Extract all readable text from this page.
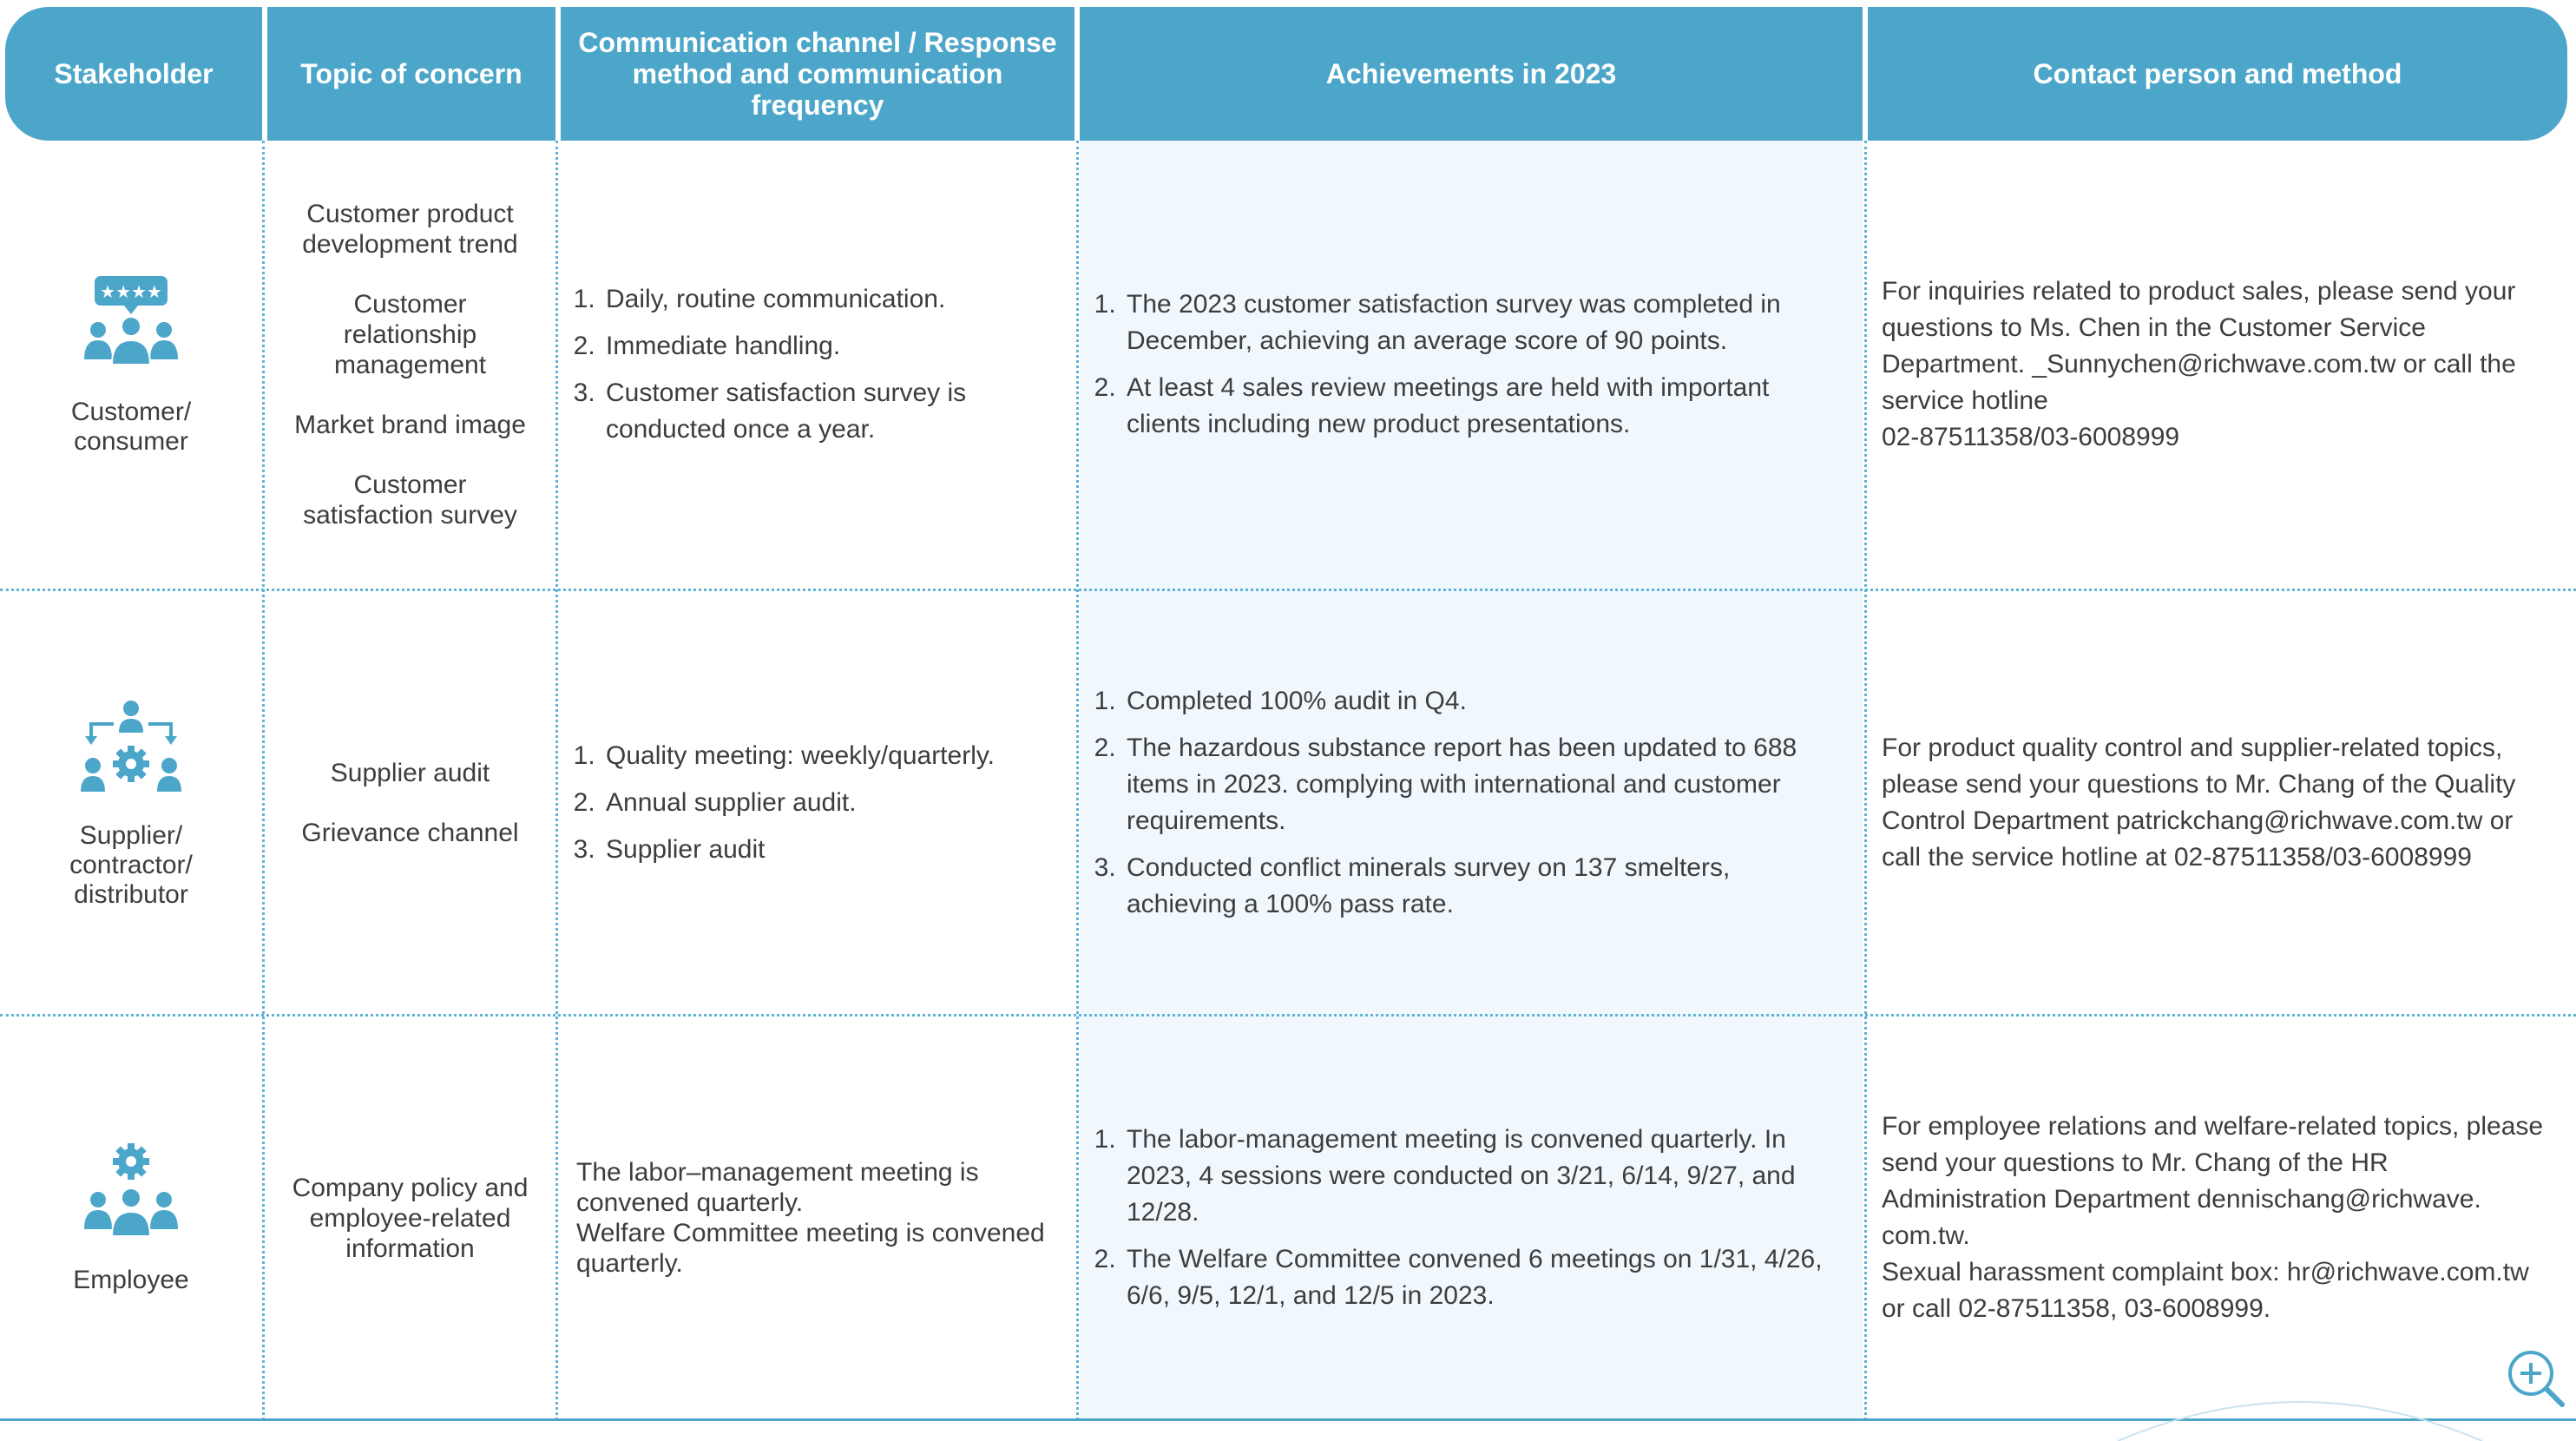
Stakeholder	Topic of concern
Communication channel / Response method and communication frequency
Achievements in 2023	Contact person and method
★★★★
Customer/ consumer
Customer product development trend
Customer relationship management
Market brand image
Customer satisfaction survey
1. Daily, routine communication.
2. Immediate handling.
3. Customer satisfaction survey is conducted once a year.
1. The 2023 customer satisfaction survey was completed in December, achieving an average score of 90 points.
2. At least 4 sales review meetings are held with important clients including new product presentations.
For inquiries related to product sales, please send your questions to Ms. Chen in the Customer Service Department. _Sunnychen@richwave.com.tw or call the service hotline
02-87511358/03-6008999
Supplier/ contractor/ distributor
Supplier audit
Grievance channel
1. Quality meeting: weekly/quarterly.
2. Annual supplier audit.
3. Supplier audit
1. Completed 100% audit in Q4.
2. The hazardous substance report has been updated to 688 items in 2023. complying with international and customer requirements.
3. Conducted conflict minerals survey on 137 smelters, achieving a 100% pass rate.
For product quality control and supplier-related topics, please send your questions to Mr. Chang of the Quality Control Department patrickchang@richwave.com.tw or call the service hotline at 02-87511358/03-6008999
Employee
Company policy and employee-related information
The labor–management meeting is convened quarterly.
Welfare Committee meeting is convened quarterly.
1. The labor-management meeting is convened quarterly. In 2023, 4 sessions were conducted on 3/21, 6/14, 9/27, and 12/28.
2. The Welfare Committee convened 6 meetings on 1/31, 4/26, 6/6, 9/5, 12/1, and 12/5 in 2023.
For employee relations and welfare-related topics, please send your questions to Mr. Chang of the HR Administration Department dennischang@richwave.
com.tw.
Sexual harassment complaint box: hr@richwave.com.tw or call 02-87511358, 03-6008999.
